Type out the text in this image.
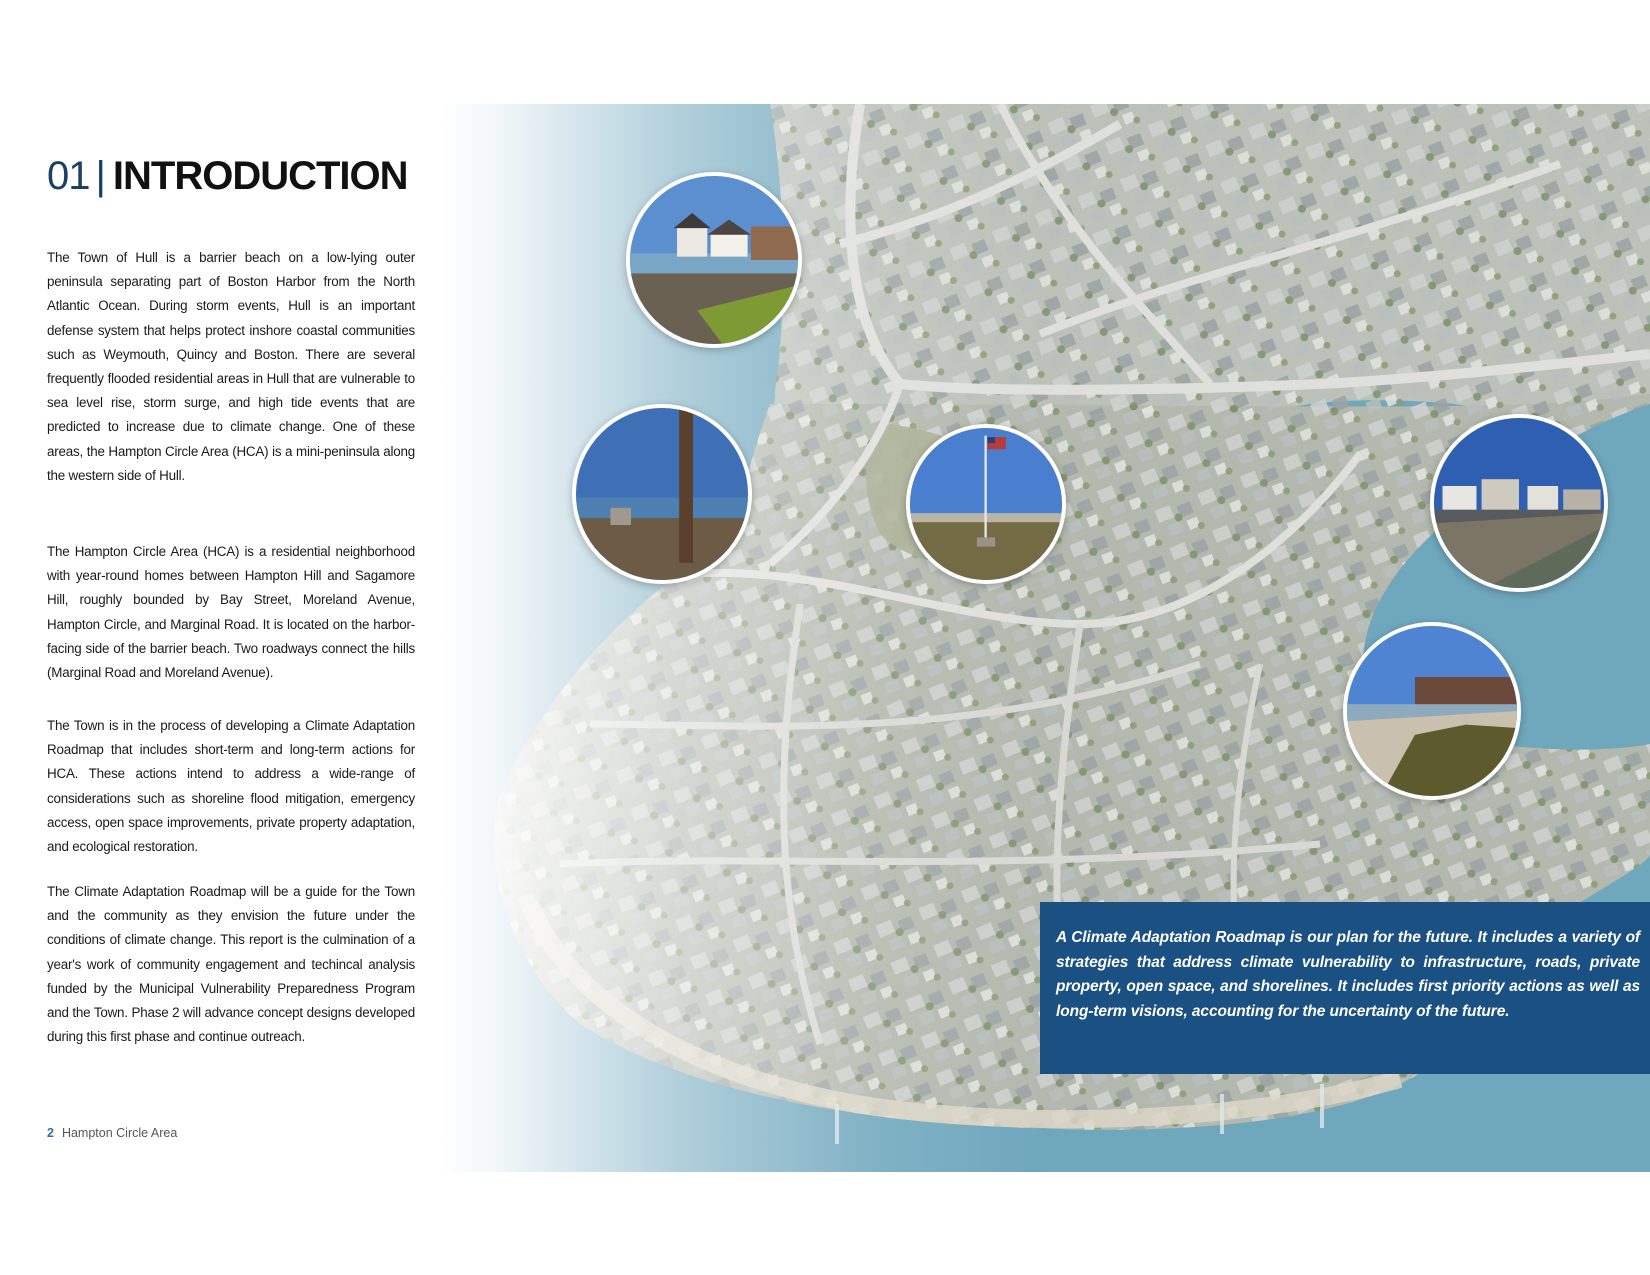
01 | INTRODUCTION

The Town of Hull is a barrier beach on a low-lying outer peninsula separating part of Boston Harbor from the North Atlantic Ocean. During storm events, Hull is an important defense system that helps protect inshore coastal communities such as Weymouth, Quincy and Boston. There are several frequently flooded residential areas in Hull that are vulnerable to sea level rise, storm surge, and high tide events that are predicted to increase due to climate change. One of these areas, the Hampton Circle Area (HCA) is a mini-peninsula along the western side of Hull.

The Hampton Circle Area (HCA) is a residential neighborhood with year-round homes between Hampton Hill and Sagamore Hill, roughly bounded by Bay Street, Moreland Avenue, Hampton Circle, and Marginal Road. It is located on the harbor-facing side of the barrier beach. Two roadways connect the hills (Marginal Road and Moreland Avenue).

The Town is in the process of developing a Climate Adaptation Roadmap that includes short-term and long-term actions for HCA. These actions intend to address a wide-range of considerations such as shoreline flood mitigation, emergency access, open space improvements, private property adaptation, and ecological restoration.

The Climate Adaptation Roadmap will be a guide for the Town and the community as they envision the future under the conditions of climate change. This report is the culmination of a year's work of community engagement and techincal analysis funded by the Municipal Vulnerability Preparedness Program and the Town. Phase 2 will advance concept designs developed during this first phase and continue outreach.

2 Hampton Circle Area

A Climate Adaptation Roadmap is our plan for the future. It includes a variety of strategies that address climate vulnerability to infrastructure, roads, private property, open space, and shorelines. It includes first priority actions as well as long-term visions, accounting for the uncertainty of the future.
